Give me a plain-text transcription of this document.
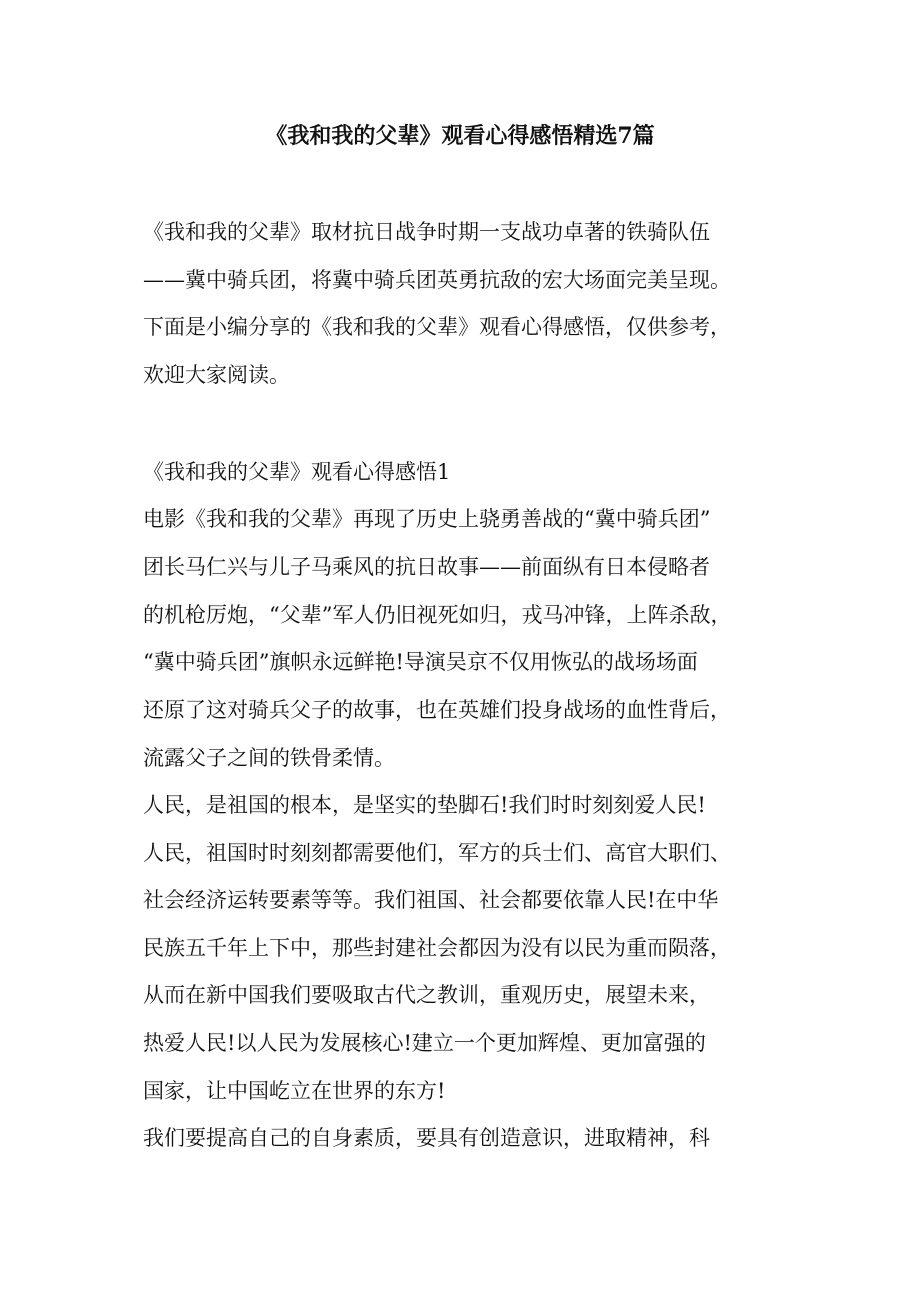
《我和我的父辈》观看心得感悟精选7篇
《我和我的父辈》取材抗日战争时期一支战功卓著的铁骑队伍
——冀中骑兵团，将冀中骑兵团英勇抗敌的宏大场面完美呈现。
下面是小编分享的《我和我的父辈》观看心得感悟，仅供参考，
欢迎大家阅读。
《我和我的父辈》观看心得感悟1
电影《我和我的父辈》再现了历史上骁勇善战的“冀中骑兵团”
团长马仁兴与儿子马乘风的抗日故事——前面纵有日本侵略者
的机枪厉炮，“父辈”军人仍旧视死如归，戎马冲锋，上阵杀敌，
“冀中骑兵团”旗帜永远鲜艳!导演吴京不仅用恢弘的战场场面
还原了这对骑兵父子的故事，也在英雄们投身战场的血性背后，
流露父子之间的铁骨柔情。
人民，是祖国的根本，是坚实的垫脚石!我们时时刻刻爱人民!
人民，祖国时时刻刻都需要他们，军方的兵士们、高官大职们、
社会经济运转要素等等。我们祖国、社会都要依靠人民!在中华
民族五千年上下中，那些封建社会都因为没有以民为重而陨落，
从而在新中国我们要吸取古代之教训，重观历史，展望未来，
热爱人民!以人民为发展核心!建立一个更加辉煌、更加富强的
国家，让中国屹立在世界的东方!
我们要提高自己的自身素质，要具有创造意识，进取精神，科
